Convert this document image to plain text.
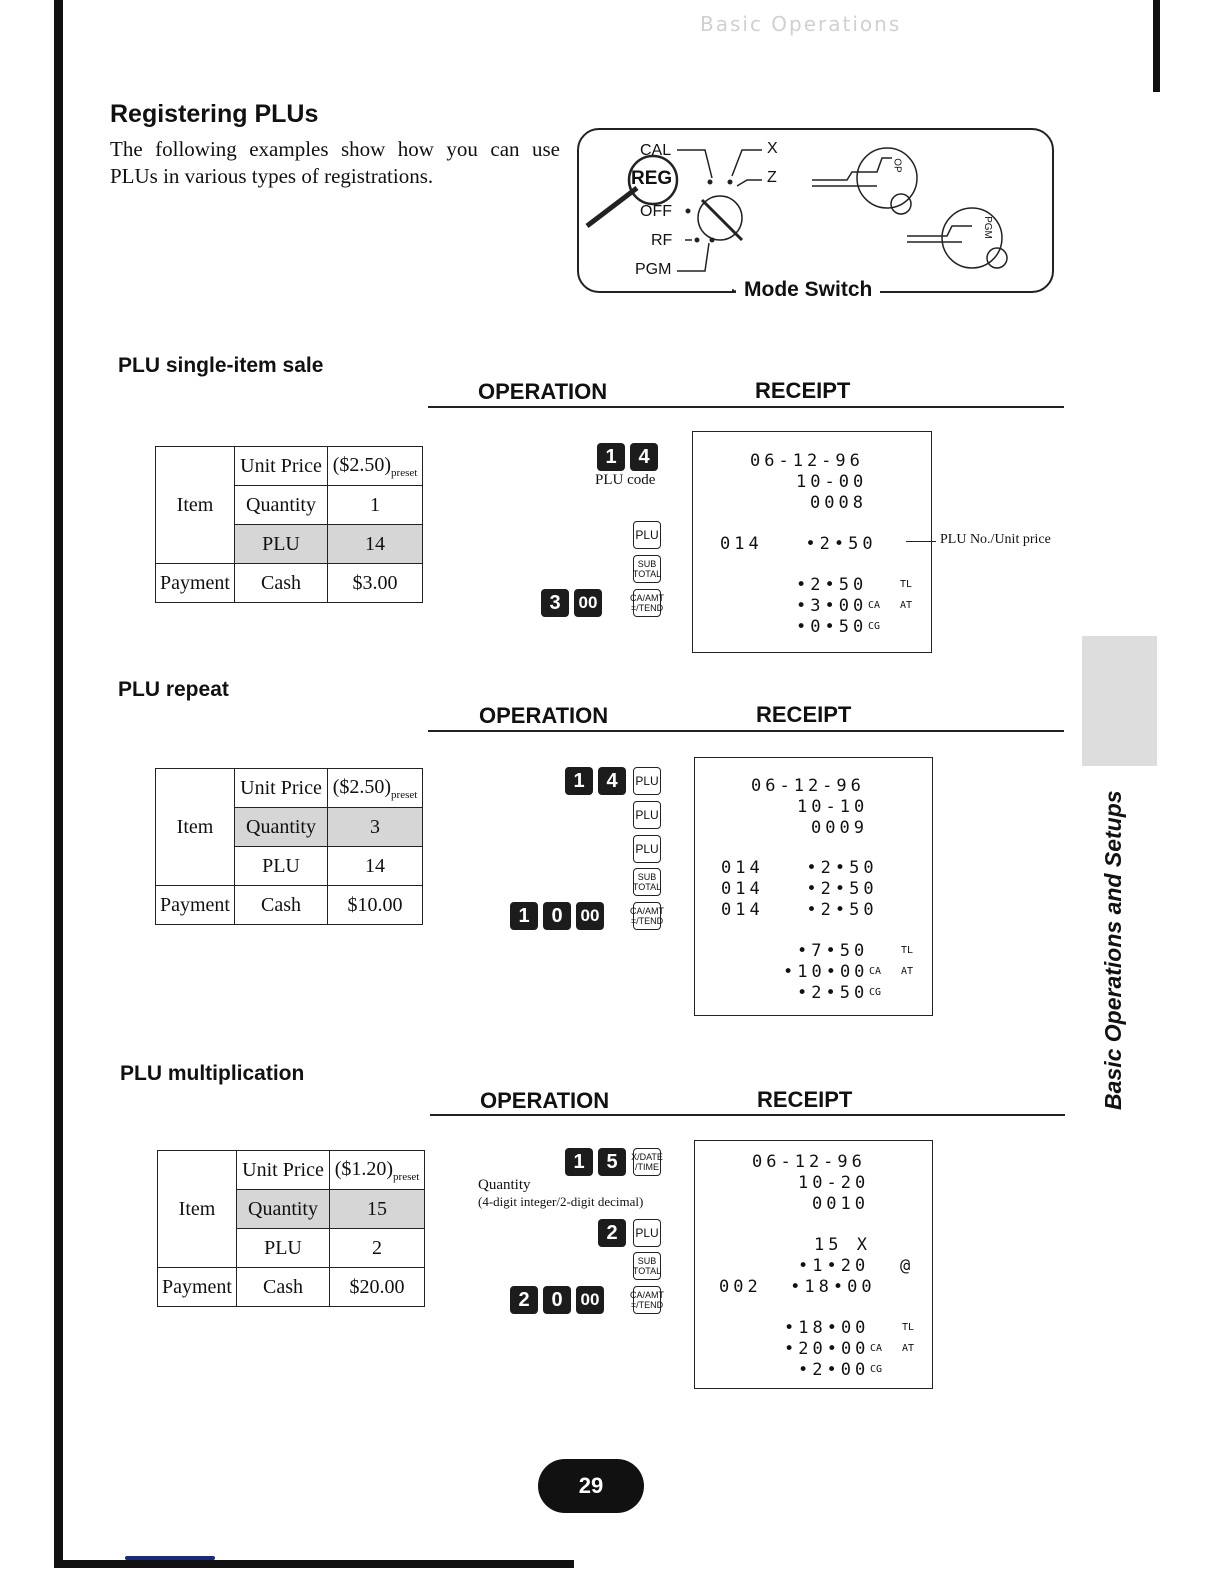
Basic Operations
Registering PLUs
The following examples show how you can use PLUs in various types of registrations.
CAL
REG
OFF
RF
PGM
X
Z
OP
PGM
Mode Switch
PLU single-item sale
OPERATION	RECEIPT
Item	Unit Price	$(\$2.50)_{preset}$
	Quantity	1
	PLU	14
Payment	Cash	$3.00
1	4
PLU code
PLU
SUB
TOTAL
3	00	CA/AMT
=/TEND
06-12-96
10-00
0008
014   •2•50
•2•50
•3•00
•0•50
TL
CA AT
CG
PLU No./Unit price
PLU repeat
OPERATION	RECEIPT
Item	Unit Price	$(\$2.50)_{preset}$
	Quantity	3
	PLU	14
Payment	Cash	$10.00
1	4	PLU
PLU
PLU
SUB
TOTAL
1	0	00	CA/AMT
=/TEND
06-12-96
10-10
0009
014   •2•50
014   •2•50
014   •2•50
•7•50
•10•00
•2•50
TL
CA AT
CG
PLU multiplication
OPERATION	RECEIPT
Item	Unit Price	$(\$1.20)_{preset}$
	Quantity	15
	PLU	2
Payment	Cash	$20.00
1	5	X/DATE
/TIME
Quantity
(4-digit integer/2-digit decimal)
2	PLU
SUB
TOTAL
2	0	00	CA/AMT
=/TEND
06-12-96
10-20
0010
15 X
•1•20 @
002  •18•00
•18•00
•20•00
•2•00
TL
CA AT
CG
Basic Operations and Setups
29
